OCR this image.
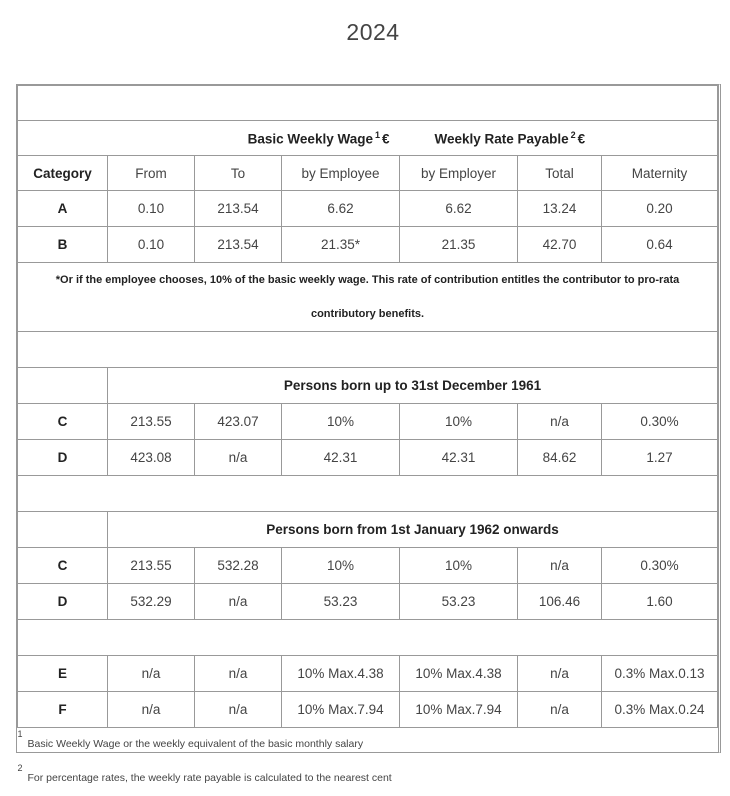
2024

		Basic Weekly Wage $^1$ €		Weekly Rate Payable $^2$ €		
Category	From	To	by Employee	by Employer	Total	Maternity
A	0.10	213.54	6.62	6.62	13.24	0.20
B	0.10	213.54	21.35*	21.35	42.70	0.64
*Or if the employee chooses, 10% of the basic weekly wage. This rate of contribution entitles the contributor to pro-rata contributory benefits.						

	Persons born up to 31st December 1961					
C	213.55	423.07	10%	10%	n/a	0.30%
D	423.08	n/a	42.31	42.31	84.62	1.27

	Persons born from 1st January 1962 onwards					
C	213.55	532.28	10%	10%	n/a	0.30%
D	532.29	n/a	53.23	53.23	106.46	1.60

E	n/a	n/a	10% Max.4.38	10% Max.4.38	n/a	0.3% Max.0.13
F	n/a	n/a	10% Max.7.94	10% Max.7.94	n/a	0.3% Max.0.24

1
Basic Weekly Wage or the weekly equivalent of the basic monthly salary
2
For percentage rates, the weekly rate payable is calculated to the nearest cent						
